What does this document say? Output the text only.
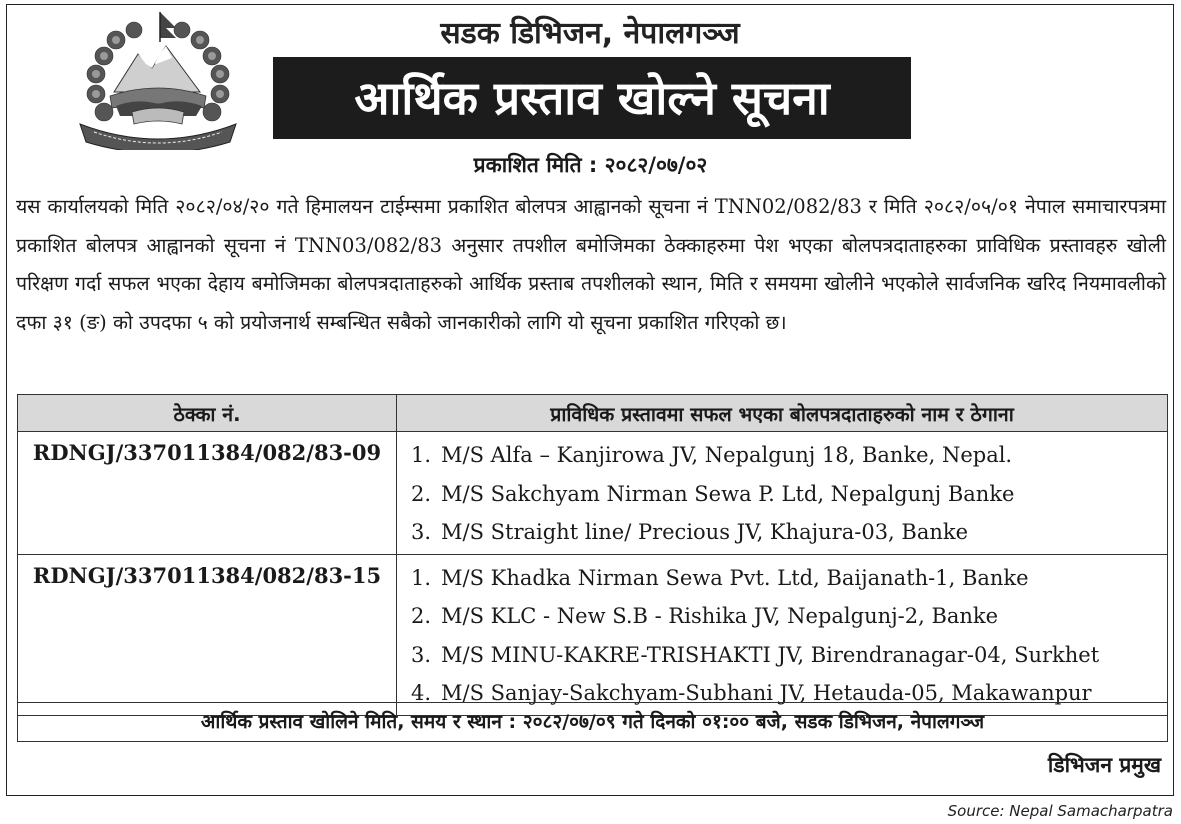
सडक डिभिजन, नेपालगञ्ज
आर्थिक प्रस्ताव खोल्ने सूचना
प्रकाशित मिति : २०८२/०७/०२

यस कार्यालयको मिति २०८२/०४/२० गते हिमालयन टाईम्समा प्रकाशित बोलपत्र आह्वानको सूचना नं TNN02/082/83 र मिति २०८२/०५/०१ नेपाल समाचारपत्रमा प्रकाशित बोलपत्र आह्वानको सूचना नं TNN03/082/83 अनुसार तपशील बमोजिमका ठेक्काहरुमा पेश भएका बोलपत्रदाताहरुका प्राविधिक प्रस्तावहरु खोली परिक्षण गर्दा सफल भएका देहाय बमोजिमका बोलपत्रदाताहरुको आर्थिक प्रस्ताब तपशीलको स्थान, मिति र समयमा खोलीने भएकोले सार्वजनिक खरिद नियमावलीको दफा ३१ (ङ) को उपदफा ५ को प्रयोजनार्थ सम्बन्धित सबैको जानकारीको लागि यो सूचना प्रकाशित गरिएको छ।

ठेक्का नं.	प्राविधिक प्रस्तावमा सफल भएका बोलपत्रदाताहरुको नाम र ठेगाना
RDNGJ/337011384/082/83-09	1. M/S Alfa – Kanjirowa JV, Nepalgunj 18, Banke, Nepal.
2. M/S Sakchyam Nirman Sewa P. Ltd, Nepalgunj Banke
3. M/S Straight line/ Precious JV, Khajura-03, Banke

RDNGJ/337011384/082/83-15	1. M/S Khadka Nirman Sewa Pvt. Ltd, Baijanath-1, Banke
2. M/S KLC - New S.B - Rishika JV, Nepalgunj-2, Banke
3. M/S MINU-KAKRE-TRISHAKTI JV, Birendranagar-04, Surkhet
4. M/S Sanjay-Sakchyam-Subhani JV, Hetauda-05, Makawanpur
आर्थिक प्रस्ताव खोलिने मिति, समय र स्थान : २०८२/०७/०९ गते दिनको ०१:०० बजे, सडक डिभिजन, नेपालगञ्ज
डिभिजन प्रमुख
Source: Nepal Samacharpatra
